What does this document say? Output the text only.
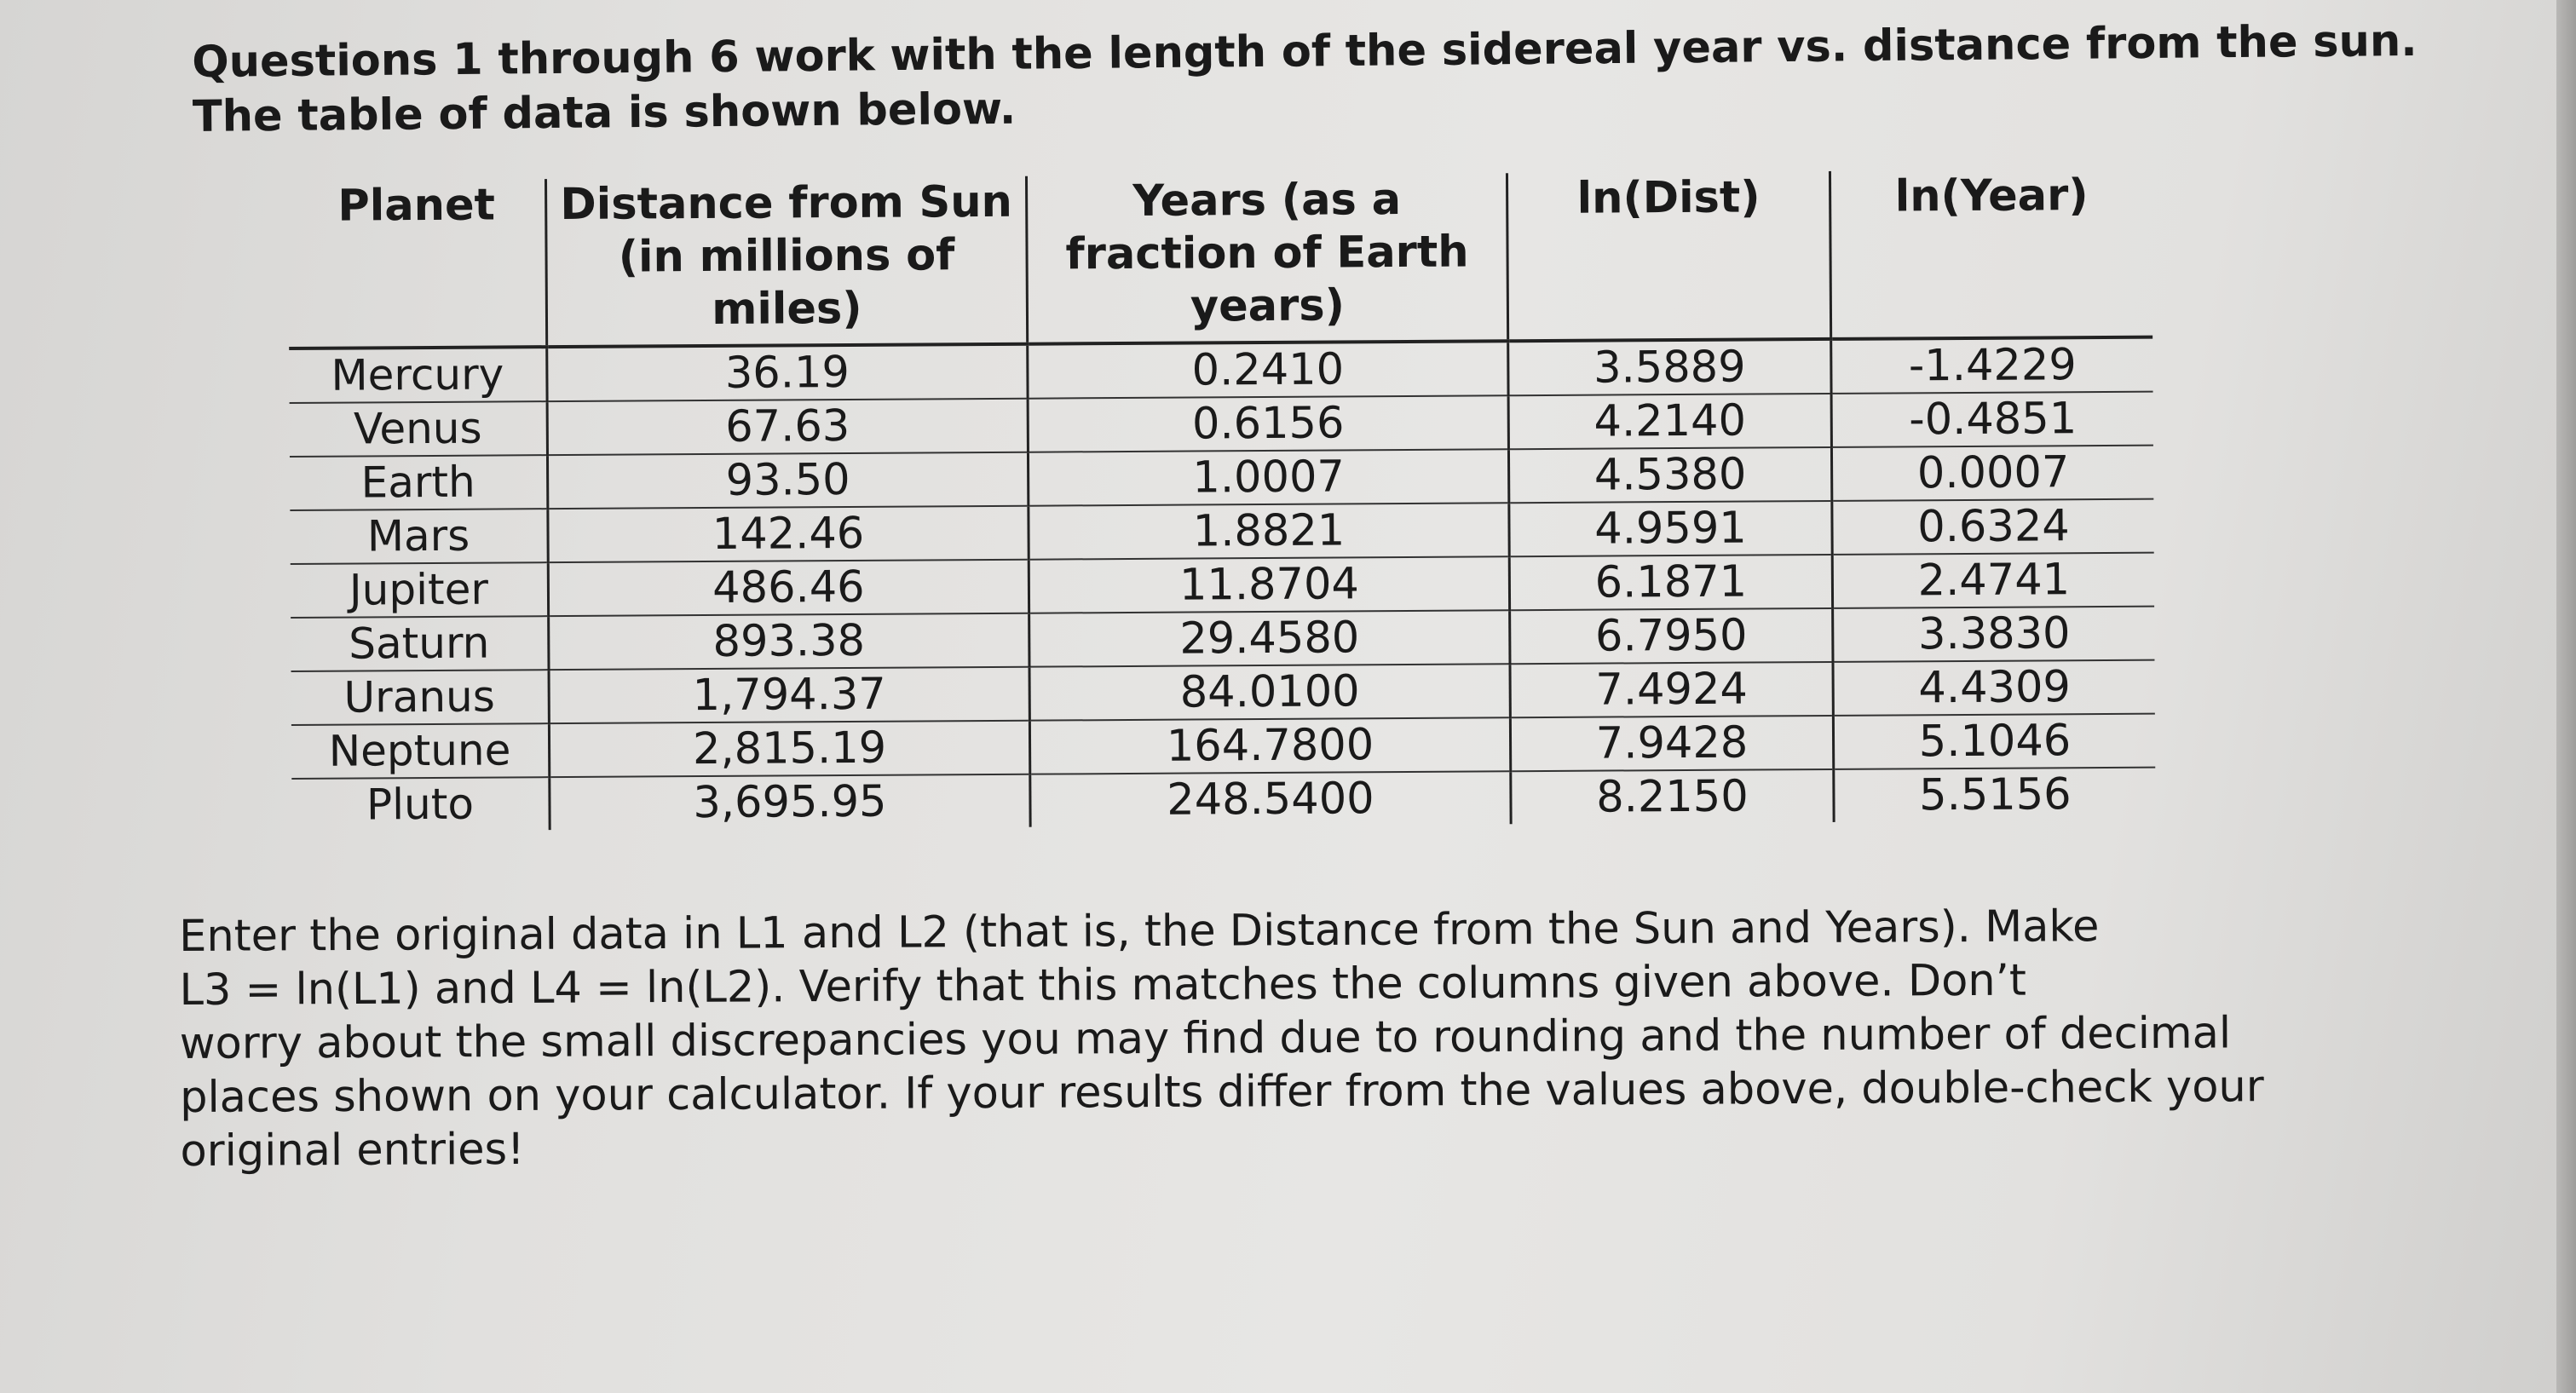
Questions 1 through 6 work with the length of the sidereal year vs. distance from the sun.
The table of data is shown below.
Planet	Distance from Sun (in millions of miles)	Years (as a fraction of Earth years)	ln(Dist)	ln(Year)
Mercury	36.19	0.2410	3.5889	-1.4229
Venus	67.63	0.6156	4.2140	-0.4851
Earth	93.50	1.0007	4.5380	0.0007
Mars	142.46	1.8821	4.9591	0.6324
Jupiter	486.46	11.8704	6.1871	2.4741
Saturn	893.38	29.4580	6.7950	3.3830
Uranus	1,794.37	84.0100	7.4924	4.4309
Neptune	2,815.19	164.7800	7.9428	5.1046
Pluto	3,695.95	248.5400	8.2150	5.5156
Enter the original data in L1 and L2 (that is, the Distance from the Sun and Years). Make
L3 = ln(L1) and L4 = ln(L2). Verify that this matches the columns given above. Don’t
worry about the small discrepancies you may find due to rounding and the number of decimal
places shown on your calculator. If your results differ from the values above, double-check your
original entries!
